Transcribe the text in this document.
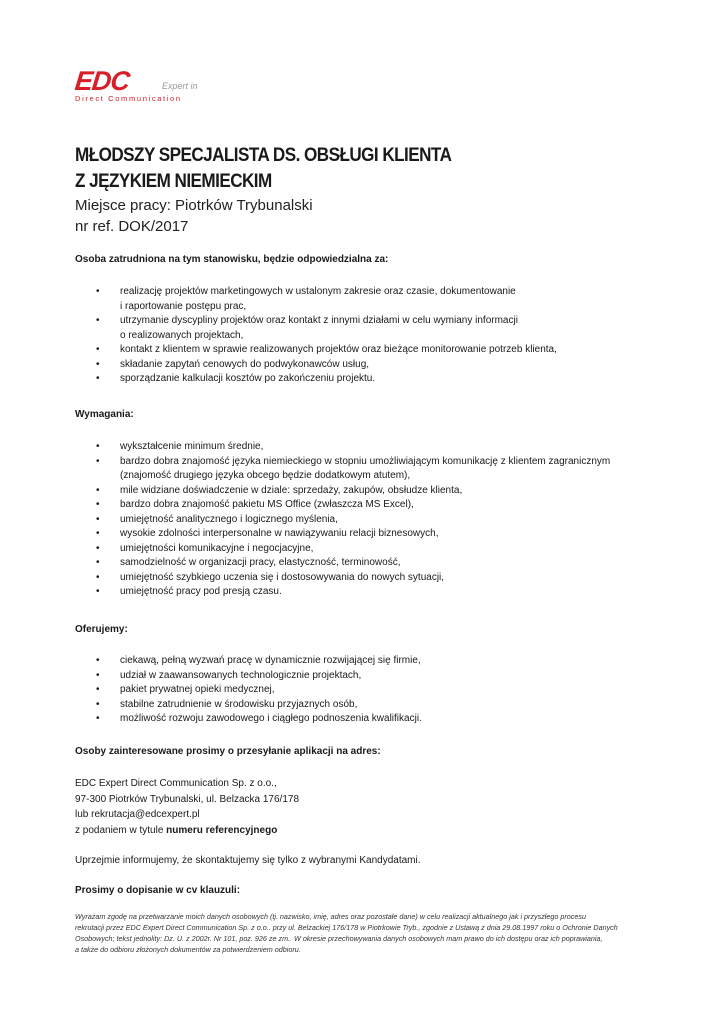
EDC	Expert in
Direct Communication
MŁODSZY SPECJALISTA DS. OBSŁUGI KLIENTA
Z JĘZYKIEM NIEMIECKIM
Miejsce pracy: Piotrków Trybunalski
nr ref. DOK/2017
Osoba zatrudniona na tym stanowisku, będzie odpowiedzialna za:
• realizację projektów marketingowych w ustalonym zakresie oraz czasie, dokumentowanie
i raportowanie postępu prac,
• utrzymanie dyscypliny projektów oraz kontakt z innymi działami w celu wymiany informacji
o realizowanych projektach,
• kontakt z klientem w sprawie realizowanych projektów oraz bieżące monitorowanie potrzeb klienta,
• składanie zapytań cenowych do podwykonawców usług,
• sporządzanie kalkulacji kosztów po zakończeniu projektu.
Wymagania:
• wykształcenie minimum średnie,
• bardzo dobra znajomość języka niemieckiego w stopniu umożliwiającym komunikację z klientem zagranicznym
(znajomość drugiego języka obcego będzie dodatkowym atutem),
• mile widziane doświadczenie w dziale: sprzedaży, zakupów, obsłudze klienta,
• bardzo dobra znajomość pakietu MS Office (zwłaszcza MS Excel),
• umiejętność analitycznego i logicznego myślenia,
• wysokie zdolności interpersonalne w nawiązywaniu relacji biznesowych,
• umiejętności komunikacyjne i negocjacyjne,
• samodzielność w organizacji pracy, elastyczność, terminowość,
• umiejętność szybkiego uczenia się i dostosowywania do nowych sytuacji,
• umiejętność pracy pod presją czasu.
Oferujemy:
• ciekawą, pełną wyzwań pracę w dynamicznie rozwijającej się firmie,
• udział w zaawansowanych technologicznie projektach,
• pakiet prywatnej opieki medycznej,
• stabilne zatrudnienie w środowisku przyjaznych osób,
• możliwość rozwoju zawodowego i ciągłego podnoszenia kwalifikacji.
Osoby zainteresowane prosimy o przesyłanie aplikacji na adres:
EDC Expert Direct Communication Sp. z o.o.,
97-300 Piotrków Trybunalski, ul. Belzacka 176/178
lub rekrutacja@edcexpert.pl
z podaniem w tytule numeru referencyjnego
Uprzejmie informujemy, że skontaktujemy się tylko z wybranymi Kandydatami.
Prosimy o dopisanie w cv klauzuli:
Wyrażam zgodę na przetwarzanie moich danych osobowych (tj. nazwisko, imię, adres oraz pozostałe dane) w celu realizacji aktualnego jak i przyszłego procesu
rekrutacji przez EDC Expert Direct Communication Sp. z o.o.. przy ul. Belzackiej 176/178 w Piotrkowie Tryb., zgodnie z Ustawą z dnia 29.08.1997 roku o Ochronie Danych
Osobowych; tekst jednolity: Dz. U. z 2002r. Nr 101, poz. 926 ze zm.. W okresie przechowywania danych osobowych mam prawo do ich dostępu oraz ich poprawiania,
a także do odbioru złożonych dokumentów za potwierdzeniem odbioru.
